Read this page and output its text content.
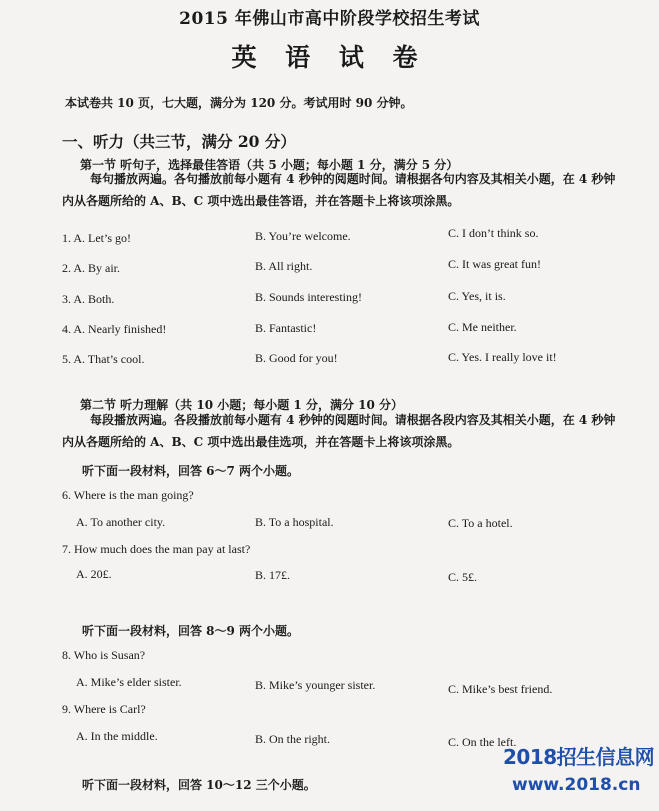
2015 年佛山市高中阶段学校招生考试
英 语 试 卷
本试卷共 10 页，七大题，满分为 120 分。考试用时 90 分钟。
一、听力（共三节，满分 20 分）
第一节 听句子，选择最佳答语（共 5 小题；每小题 1 分，满分 5 分）
每句播放两遍。各句播放前每小题有 4 秒钟的阅题时间。请根据各句内容及其相关小题，在 4 秒钟内从各题所给的 A、B、C 项中选出最佳答语，并在答题卡上将该项涂黑。
1. A. Let’s go!	B. You’re welcome.	C. I don’t think so.
2. A. By air.	B. All right.	C. It was great fun!
3. A. Both.	B. Sounds interesting!	C. Yes, it is.
4. A. Nearly finished!	B. Fantastic!	C. Me neither.
5. A. That’s cool.	B. Good for you!	C. Yes. I really love it!
第二节 听力理解（共 10 小题；每小题 1 分，满分 10 分）
每段播放两遍。各段播放前每小题有 4 秒钟的阅题时间。请根据各段内容及其相关小题，在 4 秒钟内从各题所给的 A、B、C 项中选出最佳选项，并在答题卡上将该项涂黑。
听下面一段材料，回答 6～7 两个小题。
6. Where is the man going?
A. To another city.	B. To a hospital.	C. To a hotel.
7. How much does the man pay at last?
A. 20£.	B. 17£.	C. 5£.
听下面一段材料，回答 8～9 两个小题。
8. Who is Susan?
A. Mike’s elder sister.	B. Mike’s younger sister.	C. Mike’s best friend.
9. Where is Carl?
A. In the middle.	B. On the right.	C. On the left.
听下面一段材料，回答 10～12 三个小题。
2018招生信息网
www.2018.cn
